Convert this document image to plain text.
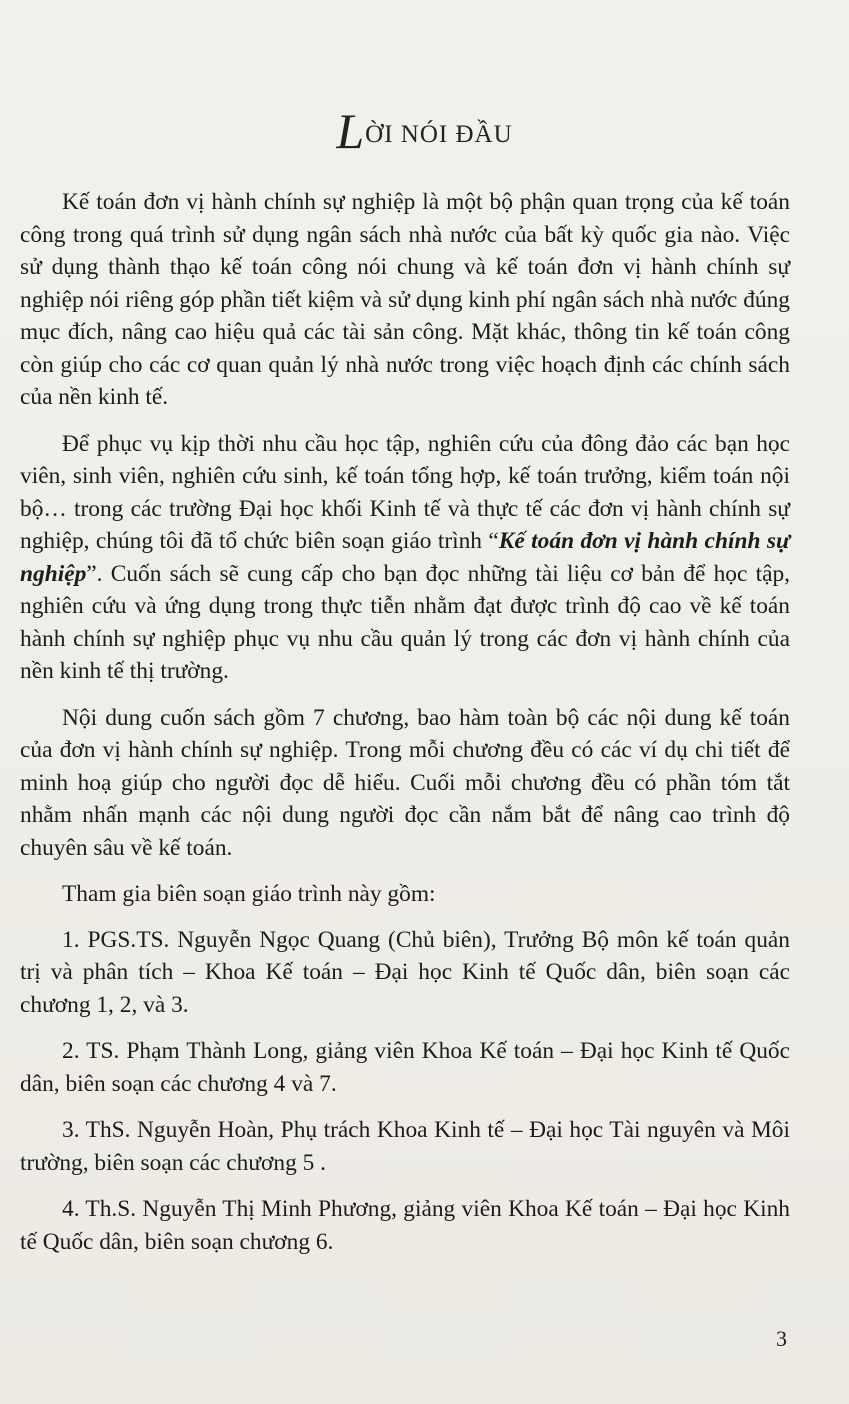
LỜI NÓI ĐẦU

Kế toán đơn vị hành chính sự nghiệp là một bộ phận quan trọng của kế toán công trong quá trình sử dụng ngân sách nhà nước của bất kỳ quốc gia nào. Việc sử dụng thành thạo kế toán công nói chung và kế toán đơn vị hành chính sự nghiệp nói riêng góp phần tiết kiệm và sử dụng kinh phí ngân sách nhà nước đúng mục đích, nâng cao hiệu quả các tài sản công. Mặt khác, thông tin kế toán công còn giúp cho các cơ quan quản lý nhà nước trong việc hoạch định các chính sách của nền kinh tế.

Để phục vụ kịp thời nhu cầu học tập, nghiên cứu của đông đảo các bạn học viên, sinh viên, nghiên cứu sinh, kế toán tổng hợp, kế toán trưởng, kiểm toán nội bộ… trong các trường Đại học khối Kinh tế và thực tế các đơn vị hành chính sự nghiệp, chúng tôi đã tổ chức biên soạn giáo trình “Kế toán đơn vị hành chính sự nghiệp”. Cuốn sách sẽ cung cấp cho bạn đọc những tài liệu cơ bản để học tập, nghiên cứu và ứng dụng trong thực tiễn nhằm đạt được trình độ cao về kế toán hành chính sự nghiệp phục vụ nhu cầu quản lý trong các đơn vị hành chính của nền kinh tế thị trường.

Nội dung cuốn sách gồm 7 chương, bao hàm toàn bộ các nội dung kế toán của đơn vị hành chính sự nghiệp. Trong mỗi chương đều có các ví dụ chi tiết để minh hoạ giúp cho người đọc dễ hiểu. Cuối mỗi chương đều có phần tóm tắt nhằm nhấn mạnh các nội dung người đọc cần nắm bắt để nâng cao trình độ chuyên sâu về kế toán.

Tham gia biên soạn giáo trình này gồm:

1. PGS.TS. Nguyễn Ngọc Quang (Chủ biên), Trưởng Bộ môn kế toán quản trị và phân tích – Khoa Kế toán – Đại học Kinh tế Quốc dân, biên soạn các chương 1, 2, và 3.

2. TS. Phạm Thành Long, giảng viên Khoa Kế toán – Đại học Kinh tế Quốc dân, biên soạn các chương 4 và 7.

3. ThS. Nguyễn Hoàn, Phụ trách Khoa Kinh tế – Đại học Tài nguyên và Môi trường, biên soạn các chương 5 .

4. Th.S. Nguyễn Thị Minh Phương, giảng viên Khoa Kế toán – Đại học Kinh tế Quốc dân, biên soạn chương 6.

3
